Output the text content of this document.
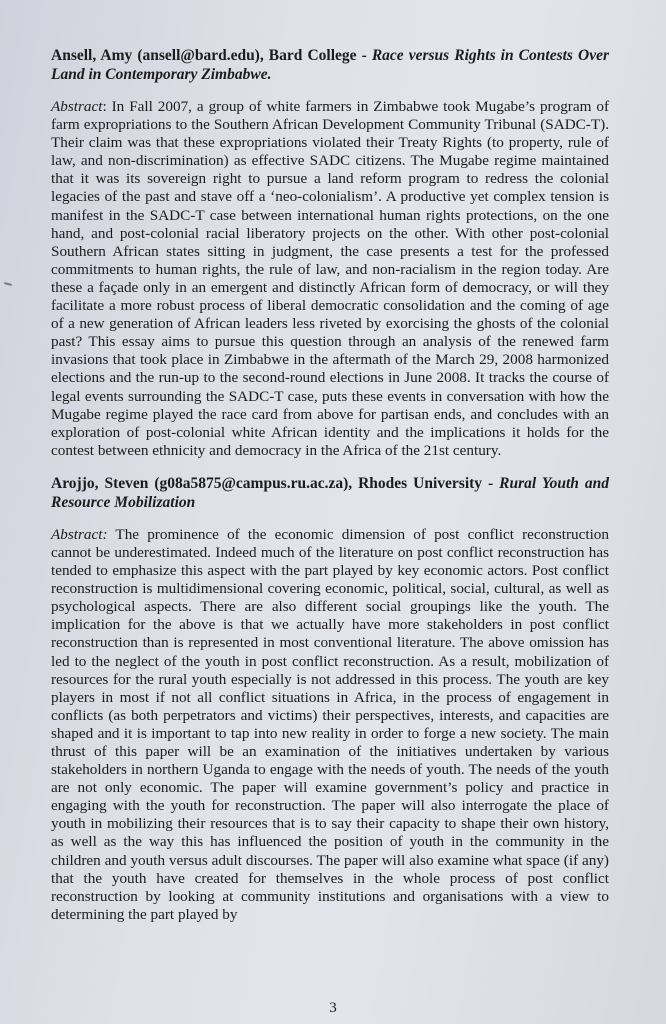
Ansell, Amy (ansell@bard.edu), Bard College - Race versus Rights in Contests Over Land in Contemporary Zimbabwe.

Abstract: In Fall 2007, a group of white farmers in Zimbabwe took Mugabe’s program of farm expropriations to the Southern African Development Community Tribunal (SADC-T). Their claim was that these expropriations violated their Treaty Rights (to property, rule of law, and non-discrimination) as effective SADC citizens. The Mugabe regime maintained that it was its sovereign right to pursue a land reform program to redress the colonial legacies of the past and stave off a ‘neo-colonialism’. A productive yet complex tension is manifest in the SADC-T case between international human rights protections, on the one hand, and post-colonial racial liberatory projects on the other. With other post-colonial Southern African states sitting in judgment, the case presents a test for the professed commitments to human rights, the rule of law, and non-racialism in the region today. Are these a façade only in an emergent and distinctly African form of democracy, or will they facilitate a more robust process of liberal democratic consolidation and the coming of age of a new generation of African leaders less riveted by exorcising the ghosts of the colonial past? This essay aims to pursue this question through an analysis of the renewed farm invasions that took place in Zimbabwe in the aftermath of the March 29, 2008 harmonized elections and the run-up to the second-round elections in June 2008. It tracks the course of legal events surrounding the SADC-T case, puts these events in conversation with how the Mugabe regime played the race card from above for partisan ends, and concludes with an exploration of post-colonial white African identity and the implications it holds for the contest between ethnicity and democracy in the Africa of the 21st century.

Arojjo, Steven (g08a5875@campus.ru.ac.za), Rhodes University - Rural Youth and Resource Mobilization

Abstract: The prominence of the economic dimension of post conflict reconstruction cannot be underestimated. Indeed much of the literature on post conflict reconstruction has tended to emphasize this aspect with the part played by key economic actors. Post conflict reconstruction is multidimensional covering economic, political, social, cultural, as well as psychological aspects. There are also different social groupings like the youth. The implication for the above is that we actually have more stakeholders in post conflict reconstruction than is represented in most conventional literature. The above omission has led to the neglect of the youth in post conflict reconstruction. As a result, mobilization of resources for the rural youth especially is not addressed in this process. The youth are key players in most if not all conflict situations in Africa, in the process of engagement in conflicts (as both perpetrators and victims) their perspectives, interests, and capacities are shaped and it is important to tap into new reality in order to forge a new society. The main thrust of this paper will be an examination of the initiatives undertaken by various stakeholders in northern Uganda to engage with the needs of youth. The needs of the youth are not only economic. The paper will examine government’s policy and practice in engaging with the youth for reconstruction. The paper will also interrogate the place of youth in mobilizing their resources that is to say their capacity to shape their own history, as well as the way this has influenced the position of youth in the community in the children and youth versus adult discourses. The paper will also examine what space (if any) that the youth have created for themselves in the whole process of post conflict reconstruction by looking at community institutions and organisations with a view to determining the part played by

3
